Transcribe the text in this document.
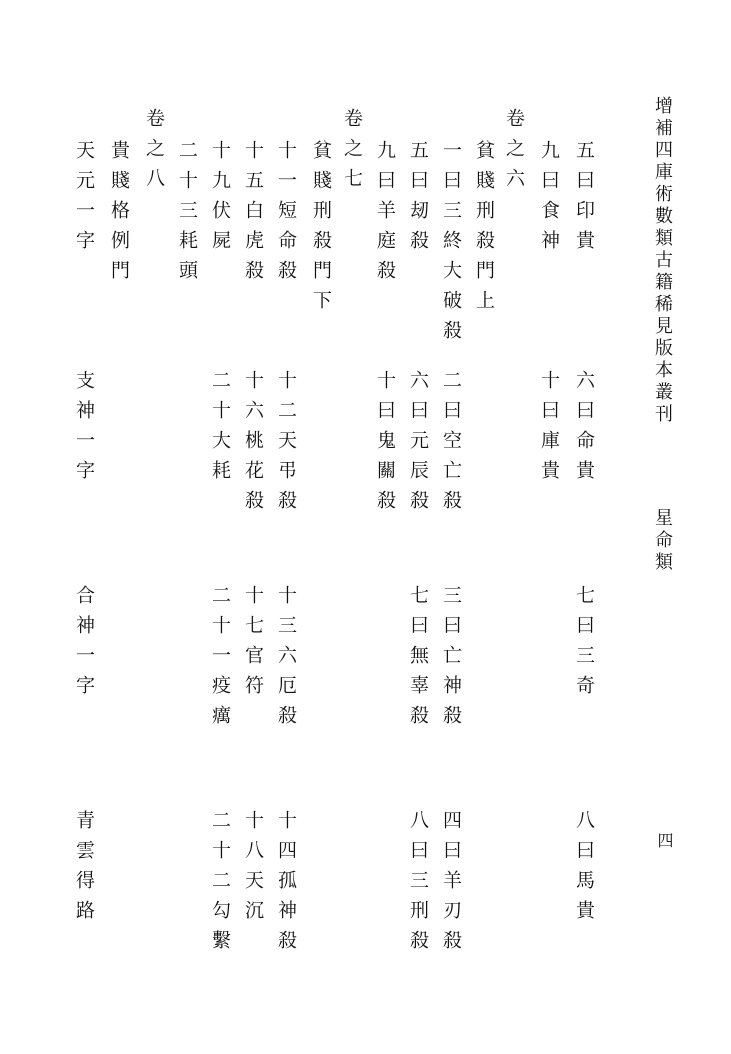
增補四庫術數類古籍稀見版本叢刊
星命類
四
五曰印貴
六曰命貴
七曰三奇
八曰馬貴
九曰食神
十曰庫貴
卷之六
貧賤刑殺門上
一曰三終大破殺
二曰空亡殺
三曰亡神殺
四曰羊刃殺
五曰刼殺
六曰元辰殺
七曰無辜殺
八曰三刑殺
九曰羊庭殺
十曰鬼關殺
卷之七
貧賤刑殺門下
十一短命殺
十二天弔殺
十三六厄殺
十四孤神殺
十五白虎殺
十六桃花殺
十七官符
十八天沉
十九伏屍
二十大耗
二十一疫癘
二十二勾繫
二十三耗頭
卷之八
貴賤格例門
天元一字
支神一字
合神一字
青雲得路
